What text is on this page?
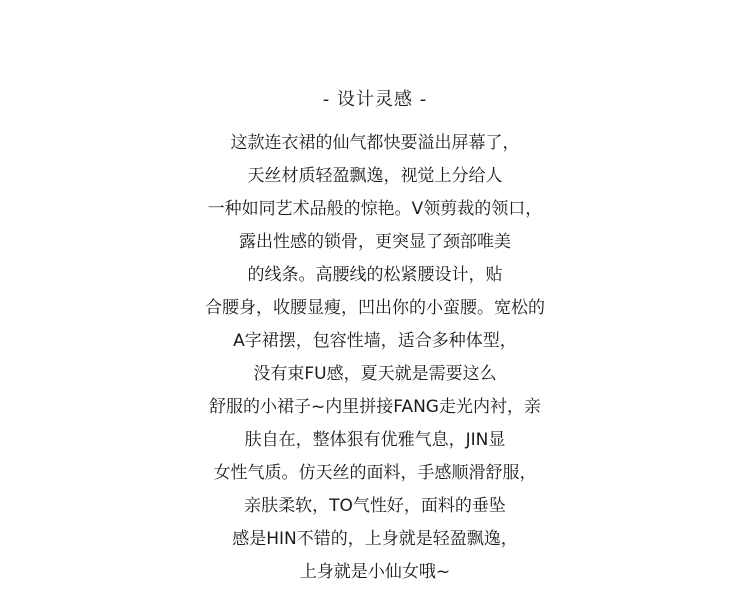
- 设计灵感 -
这款连衣裙的仙气都快要溢出屏幕了，
天丝材质轻盈飘逸，视觉上分给人
一种如同艺术品般的惊艳。V领剪裁的领口，
露出性感的锁骨，更突显了颈部唯美
的线条。高腰线的松紧腰设计，贴
合腰身，收腰显瘦，凹出你的小蛮腰。宽松的
A字裙摆，包容性墙，适合多种体型，
没有束FU感，夏天就是需要这么
舒服的小裙子~内里拼接FANG走光内衬，亲
肤自在，整体狠有优雅气息，JIN显
女性气质。仿天丝的面料，手感顺滑舒服，
亲肤柔软，TO气性好，面料的垂坠
感是HIN不错的，上身就是轻盈飘逸，
上身就是小仙女哦~
